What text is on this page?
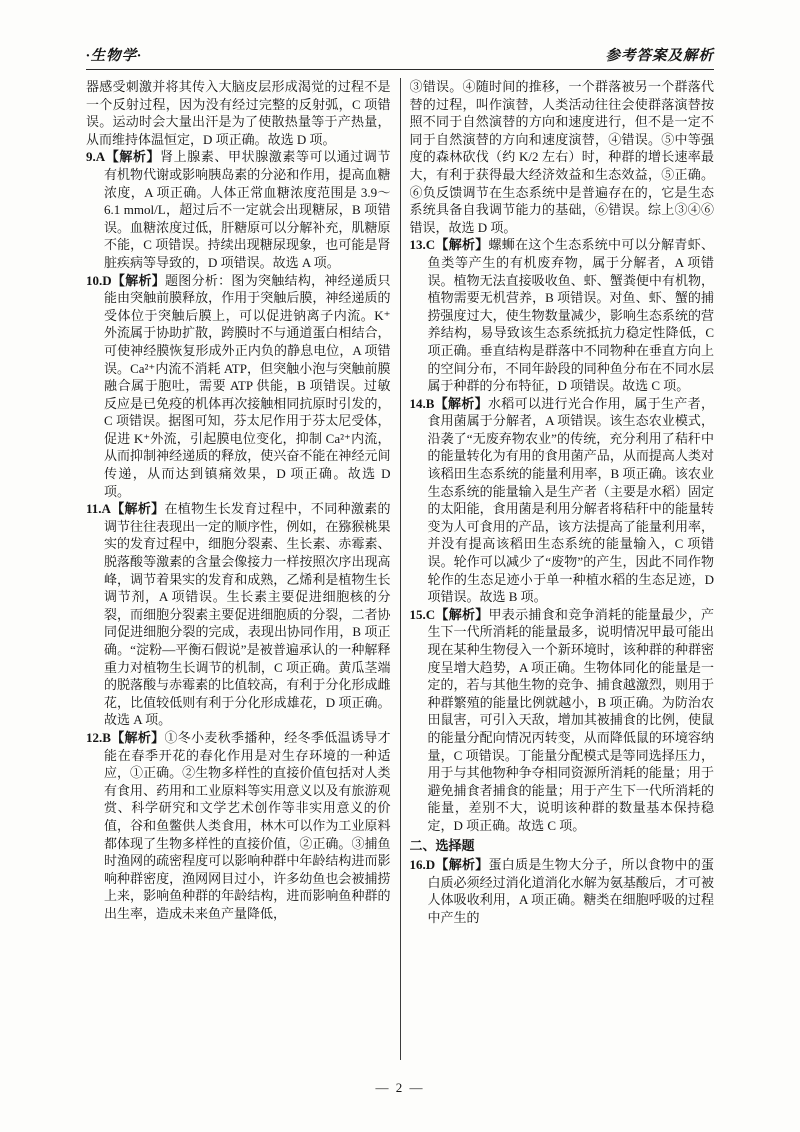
·生物学·	参考答案及解析

器感受刺激并将其传入大脑皮层形成渴觉的过程不是一个反射过程，因为没有经过完整的反射弧，C 项错误。运动时会大量出汗是为了使散热量等于产热量，从而维持体温恒定，D 项正确。故选 D 项。

9.A【解析】肾上腺素、甲状腺激素等可以通过调节有机物代谢或影响胰岛素的分泌和作用，提高血糖浓度，A 项正确。人体正常血糖浓度范围是 3.9～6.1 mmol/L，超过后不一定就会出现糖尿，B 项错误。血糖浓度过低，肝糖原可以分解补充，肌糖原不能，C 项错误。持续出现糖尿现象，也可能是肾脏疾病等导致的，D 项错误。故选 A 项。

10.D【解析】题图分析：图为突触结构，神经递质只能由突触前膜释放，作用于突触后膜，神经递质的受体位于突触后膜上，可以促进钠离子内流。K⁺外流属于协助扩散，跨膜时不与通道蛋白相结合，可使神经膜恢复形成外正内负的静息电位，A 项错误。Ca²⁺内流不消耗 ATP，但突触小泡与突触前膜融合属于胞吐，需要 ATP 供能，B 项错误。过敏反应是已免疫的机体再次接触相同抗原时引发的，C 项错误。据图可知，芬太尼作用于芬太尼受体，促进 K⁺外流，引起膜电位变化，抑制 Ca²⁺内流，从而抑制神经递质的释放，使兴奋不能在神经元间传递，从而达到镇痛效果，D 项正确。故选 D 项。

11.A【解析】在植物生长发育过程中，不同种激素的调节往往表现出一定的顺序性，例如，在猕猴桃果实的发育过程中，细胞分裂素、生长素、赤霉素、脱落酸等激素的含量会像接力一样按照次序出现高峰，调节着果实的发育和成熟，乙烯利是植物生长调节剂，A 项错误。生长素主要促进细胞核的分裂，而细胞分裂素主要促进细胞质的分裂，二者协同促进细胞分裂的完成，表现出协同作用，B 项正确。“淀粉—平衡石假说”是被普遍承认的一种解释重力对植物生长调节的机制，C 项正确。黄瓜茎端的脱落酸与赤霉素的比值较高，有利于分化形成雌花，比值较低则有利于分化形成雄花，D 项正确。故选 A 项。

12.B【解析】①冬小麦秋季播种，经冬季低温诱导才能在春季开花的春化作用是对生存环境的一种适应，①正确。②生物多样性的直接价值包括对人类有食用、药用和工业原料等实用意义以及有旅游观赏、科学研究和文学艺术创作等非实用意义的价值，谷和鱼鳖供人类食用，林木可以作为工业原料都体现了生物多样性的直接价值，②正确。③捕鱼时渔网的疏密程度可以影响种群中年龄结构进而影响种群密度，渔网网目过小，许多幼鱼也会被捕捞上来，影响鱼种群的年龄结构，进而影响鱼种群的出生率，造成未来鱼产量降低，

③错误。④随时间的推移，一个群落被另一个群落代替的过程，叫作演替，人类活动往往会使群落演替按照不同于自然演替的方向和速度进行，但不是一定不同于自然演替的方向和速度演替，④错误。⑤中等强度的森林砍伐（约 K/2 左右）时，种群的增长速率最大，有利于获得最大经济效益和生态效益，⑤正确。⑥负反馈调节在生态系统中是普遍存在的，它是生态系统具备自我调节能力的基础，⑥错误。综上③④⑥错误，故选 D 项。

13.C【解析】螺蛳在这个生态系统中可以分解青虾、鱼类等产生的有机废弃物，属于分解者，A 项错误。植物无法直接吸收鱼、虾、蟹粪便中有机物，植物需要无机营养，B 项错误。对鱼、虾、蟹的捕捞强度过大，使生物数量减少，影响生态系统的营养结构，易导致该生态系统抵抗力稳定性降低，C 项正确。垂直结构是群落中不同物种在垂直方向上的空间分布，不同年龄段的同种鱼分布在不同水层属于种群的分布特征，D 项错误。故选 C 项。

14.B【解析】水稻可以进行光合作用，属于生产者，食用菌属于分解者，A 项错误。该生态农业模式，沿袭了“无废弃物农业”的传统，充分利用了秸秆中的能量转化为有用的食用菌产品，从而提高人类对该稻田生态系统的能量利用率，B 项正确。该农业生态系统的能量输入是生产者（主要是水稻）固定的太阳能，食用菌是利用分解者将秸秆中的能量转变为人可食用的产品，该方法提高了能量利用率，并没有提高该稻田生态系统的能量输入，C 项错误。轮作可以减少了“废物”的产生，因此不同作物轮作的生态足迹小于单一种植水稻的生态足迹，D 项错误。故选 B 项。

15.C【解析】甲表示捕食和竞争消耗的能量最少，产生下一代所消耗的能量最多，说明情况甲最可能出现在某种生物侵入一个新环境时，该种群的种群密度呈增大趋势，A 项正确。生物体同化的能量是一定的，若与其他生物的竞争、捕食越激烈，则用于种群繁殖的能量比例就越小，B 项正确。为防治农田鼠害，可引入天敌，增加其被捕食的比例，使鼠的能量分配向情况丙转变，从而降低鼠的环境容纳量，C 项错误。丁能量分配模式是等同选择压力，用于与其他物种争夺相同资源所消耗的能量；用于避免捕食者捕食的能量；用于产生下一代所消耗的能量，差别不大，说明该种群的数量基本保持稳定，D 项正确。故选 C 项。

二、选择题

16.D【解析】蛋白质是生物大分子，所以食物中的蛋白质必须经过消化道消化水解为氨基酸后，才可被人体吸收利用，A 项正确。糖类在细胞呼吸的过程中产生的

— 2 —
